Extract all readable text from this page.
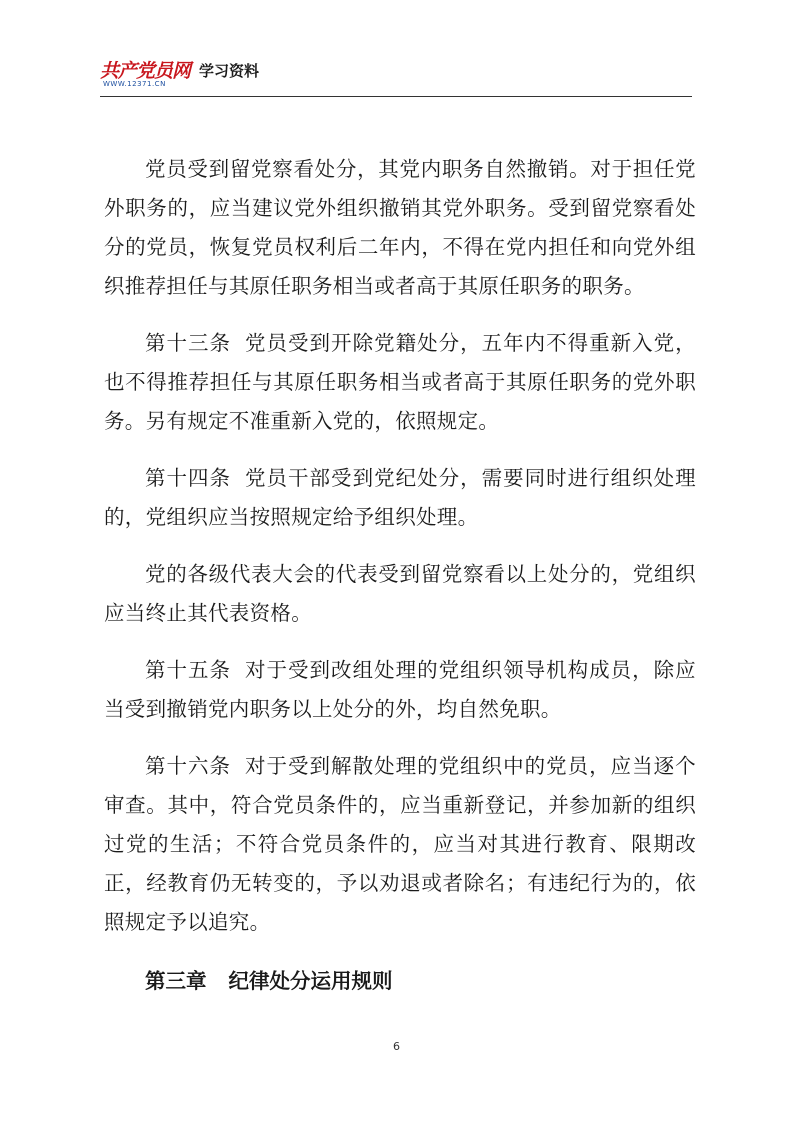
共产党员网
WWW.12371.CN
学习资料

党员受到留党察看处分，其党内职务自然撤销。对于担任党外职务的，应当建议党外组织撤销其党外职务。受到留党察看处分的党员，恢复党员权利后二年内，不得在党内担任和向党外组织推荐担任与其原任职务相当或者高于其原任职务的职务。

第十三条 党员受到开除党籍处分，五年内不得重新入党，也不得推荐担任与其原任职务相当或者高于其原任职务的党外职务。另有规定不准重新入党的，依照规定。

第十四条 党员干部受到党纪处分，需要同时进行组织处理的，党组织应当按照规定给予组织处理。

党的各级代表大会的代表受到留党察看以上处分的，党组织应当终止其代表资格。

第十五条 对于受到改组处理的党组织领导机构成员，除应当受到撤销党内职务以上处分的外，均自然免职。

第十六条 对于受到解散处理的党组织中的党员，应当逐个审查。其中，符合党员条件的，应当重新登记，并参加新的组织过党的生活；不符合党员条件的，应当对其进行教育、限期改正，经教育仍无转变的，予以劝退或者除名；有违纪行为的，依照规定予以追究。

第三章 纪律处分运用规则

6
